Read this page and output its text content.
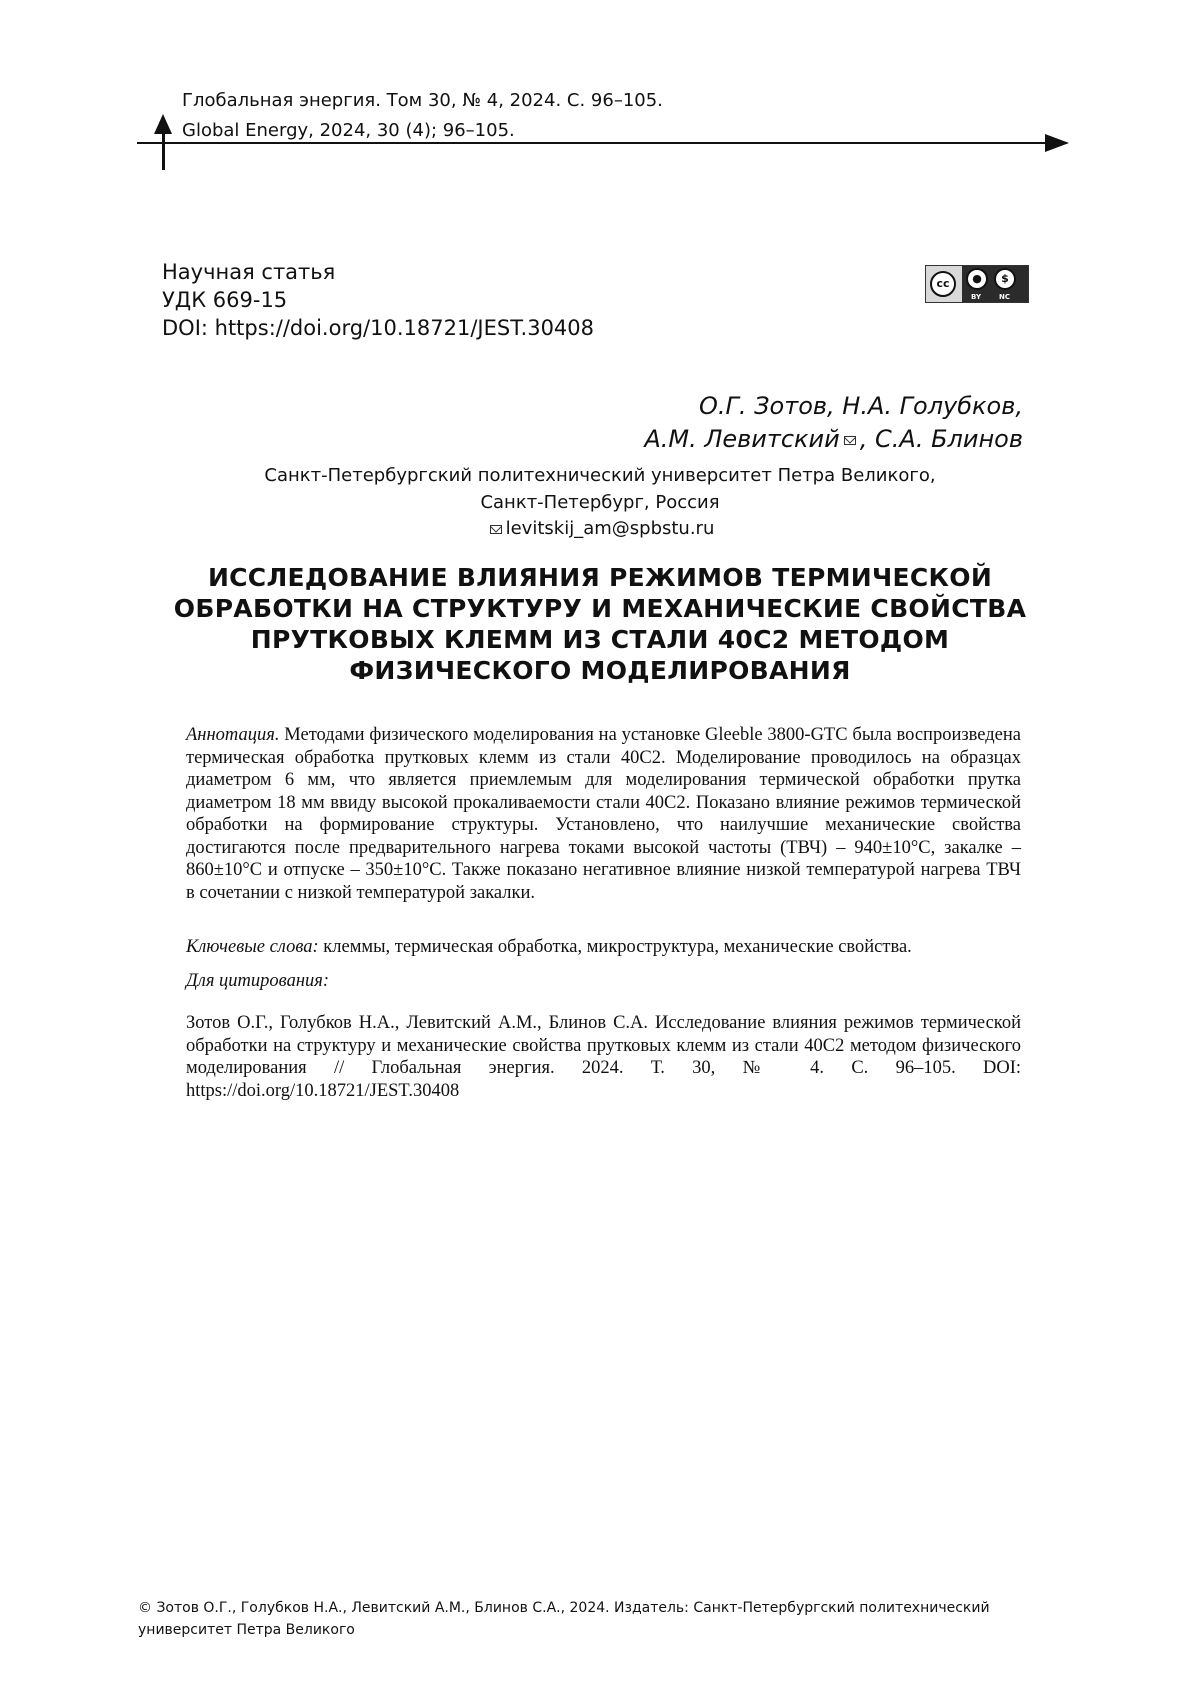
Глобальная энергия. Том 30, № 4, 2024. С. 96–105.
Global Energy, 2024, 30 (4); 96–105.
Научная статья
УДК 669-15
DOI: https://doi.org/10.18721/JEST.30408
cc	●	$
BY	NC
О.Г. Зотов, Н.А. Голубков,
А.М. Левитский , С.А. Блинов
Санкт-Петербургский политехнический университет Петра Великого,
Санкт-Петербург, Россия
levitskij_am@spbstu.ru
ИССЛЕДОВАНИЕ ВЛИЯНИЯ РЕЖИМОВ ТЕРМИЧЕСКОЙ
ОБРАБОТКИ НА СТРУКТУРУ И МЕХАНИЧЕСКИЕ СВОЙСТВА
ПРУТКОВЫХ КЛЕММ ИЗ СТАЛИ 40С2 МЕТОДОМ
ФИЗИЧЕСКОГО МОДЕЛИРОВАНИЯ
Аннотация. Методами физического моделирования на установке Gleeble 3800-GTC была воспроизведена термическая обработка прутковых клемм из стали 40С2. Моделирование проводилось на образцах диаметром 6 мм, что является приемлемым для моделирования термической обработки прутка диаметром 18 мм ввиду высокой прокаливаемости стали 40С2. Показано влияние режимов термической обработки на формирование структуры. Установлено, что наилучшие механические свойства достигаются после предварительного нагрева токами высокой частоты (ТВЧ) – 940±10°С, закалке – 860±10°С и отпуске – 350±10°С. Также показано негативное влияние низкой температурой нагрева ТВЧ в сочетании с низкой температурой закалки.
Ключевые слова: клеммы, термическая обработка, микроструктура, механические свойства.
Для цитирования:
Зотов О.Г., Голубков Н.А., Левитский А.М., Блинов С.А. Исследование влияния режимов термической обработки на структуру и механические свойства прутковых клемм из стали 40С2 методом физического моделирования // Глобальная энергия. 2024. Т. 30, № 4. С. 96–105. DOI: https://doi.org/10.18721/JEST.30408
© Зотов О.Г., Голубков Н.А., Левитский А.М., Блинов С.А., 2024. Издатель: Санкт-Петербургский политехнический университет Петра Великого
